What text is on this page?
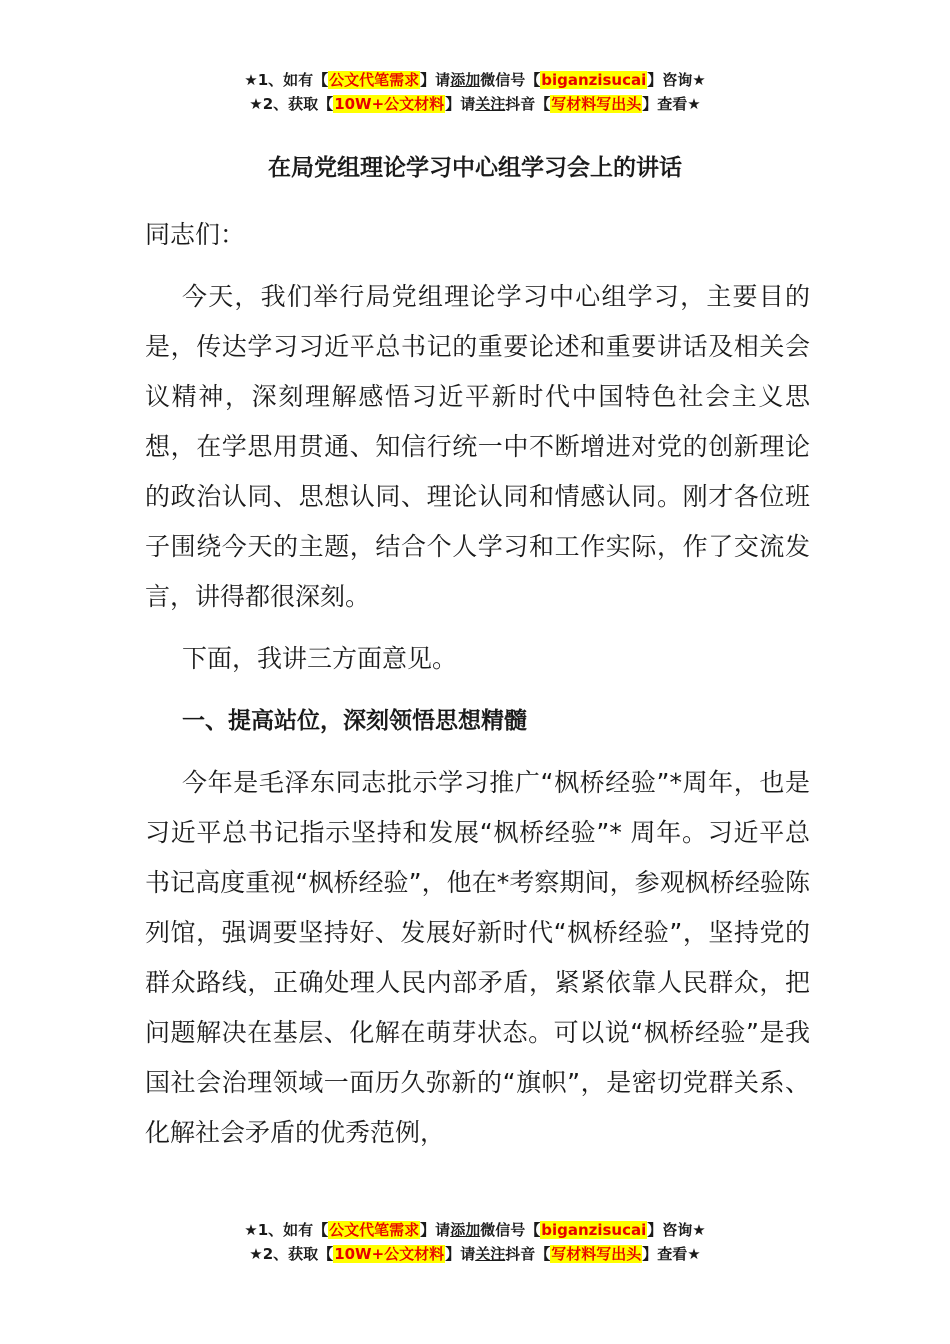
★1、如有【公文代笔需求】请添加微信号【biganzisucai】咨询★
★2、获取【10W+公文材料】请关注抖音【写材料写出头】查看★
在局党组理论学习中心组学习会上的讲话

同志们：

今天，我们举行局党组理论学习中心组学习，主要目的是，传达学习习近平总书记的重要论述和重要讲话及相关会议精神，深刻理解感悟习近平新时代中国特色社会主义思想，在学思用贯通、知信行统一中不断增进对党的创新理论的政治认同、思想认同、理论认同和情感认同。刚才各位班子围绕今天的主题，结合个人学习和工作实际，作了交流发言，讲得都很深刻。

下面，我讲三方面意见。

一、提高站位，深刻领悟思想精髓

今年是毛泽东同志批示学习推广“枫桥经验”*周年，也是习近平总书记指示坚持和发展“枫桥经验”* 周年。习近平总书记高度重视“枫桥经验”，他在*考察期间，参观枫桥经验陈列馆，强调要坚持好、发展好新时代“枫桥经验”，坚持党的群众路线，正确处理人民内部矛盾，紧紧依靠人民群众，把问题解决在基层、化解在萌芽状态。可以说“枫桥经验”是我国社会治理领域一面历久弥新的“旗帜”，是密切党群关系、化解社会矛盾的优秀范例，

★1、如有【公文代笔需求】请添加微信号【biganzisucai】咨询★
★2、获取【10W+公文材料】请关注抖音【写材料写出头】查看★
